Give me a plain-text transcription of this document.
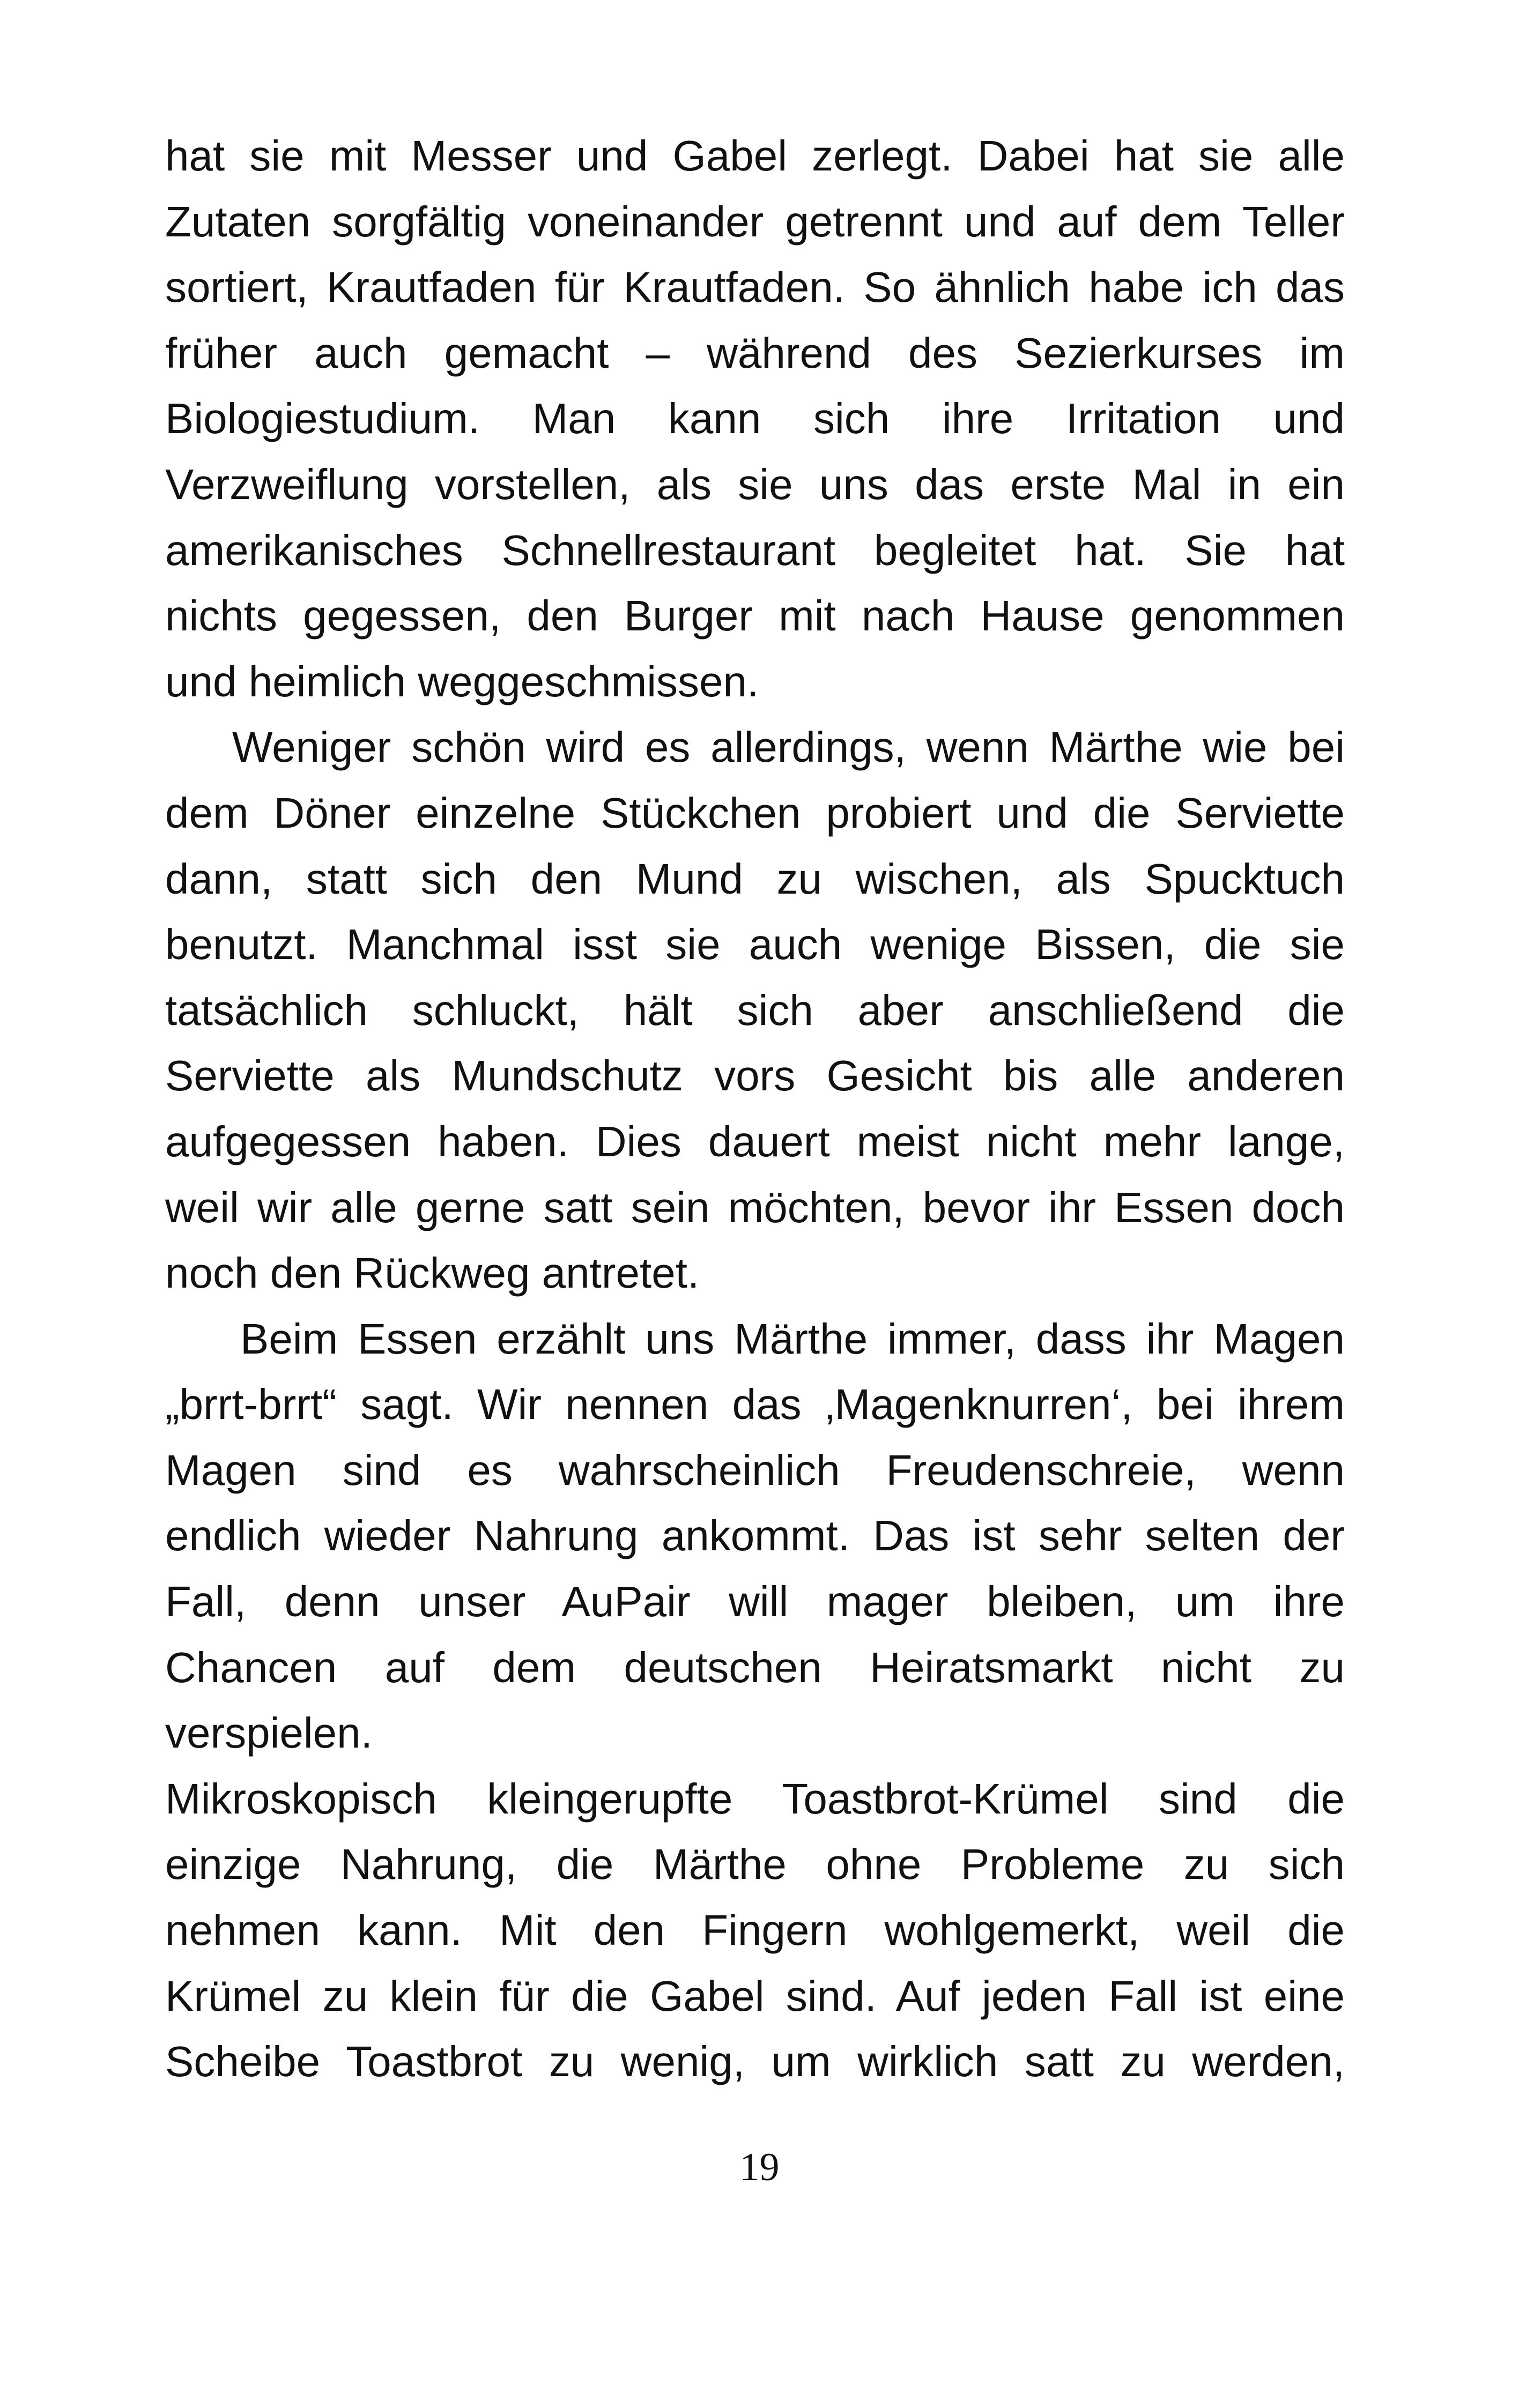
hat sie mit Messer und Gabel zerlegt. Dabei hat sie alle
Zutaten sorgfältig voneinander getrennt und auf dem Teller
sortiert, Krautfaden für Krautfaden. So ähnlich habe ich das
früher auch gemacht – während des Sezierkurses im
Biologiestudium. Man kann sich ihre Irritation und
Verzweiflung vorstellen, als sie uns das erste Mal in ein
amerikanisches Schnellrestaurant begleitet hat. Sie hat
nichts gegessen, den Burger mit nach Hause genommen
und heimlich weggeschmissen.
Weniger schön wird es allerdings, wenn Märthe wie bei
dem Döner einzelne Stückchen probiert und die Serviette
dann, statt sich den Mund zu wischen, als Spucktuch
benutzt. Manchmal isst sie auch wenige Bissen, die sie
tatsächlich schluckt, hält sich aber anschließend die
Serviette als Mundschutz vors Gesicht bis alle anderen
aufgegessen haben. Dies dauert meist nicht mehr lange,
weil wir alle gerne satt sein möchten, bevor ihr Essen doch
noch den Rückweg antretet.
Beim Essen erzählt uns Märthe immer, dass ihr Magen
„brrt-brrt“ sagt. Wir nennen das ‚Magenknurren‘, bei ihrem
Magen sind es wahrscheinlich Freudenschreie, wenn
endlich wieder Nahrung ankommt. Das ist sehr selten der
Fall, denn unser AuPair will mager bleiben, um ihre
Chancen auf dem deutschen Heiratsmarkt nicht zu
verspielen.
Mikroskopisch kleingerupfte Toastbrot-Krümel sind die
einzige Nahrung, die Märthe ohne Probleme zu sich
nehmen kann. Mit den Fingern wohlgemerkt, weil die
Krümel zu klein für die Gabel sind. Auf jeden Fall ist eine
Scheibe Toastbrot zu wenig, um wirklich satt zu werden,
19
